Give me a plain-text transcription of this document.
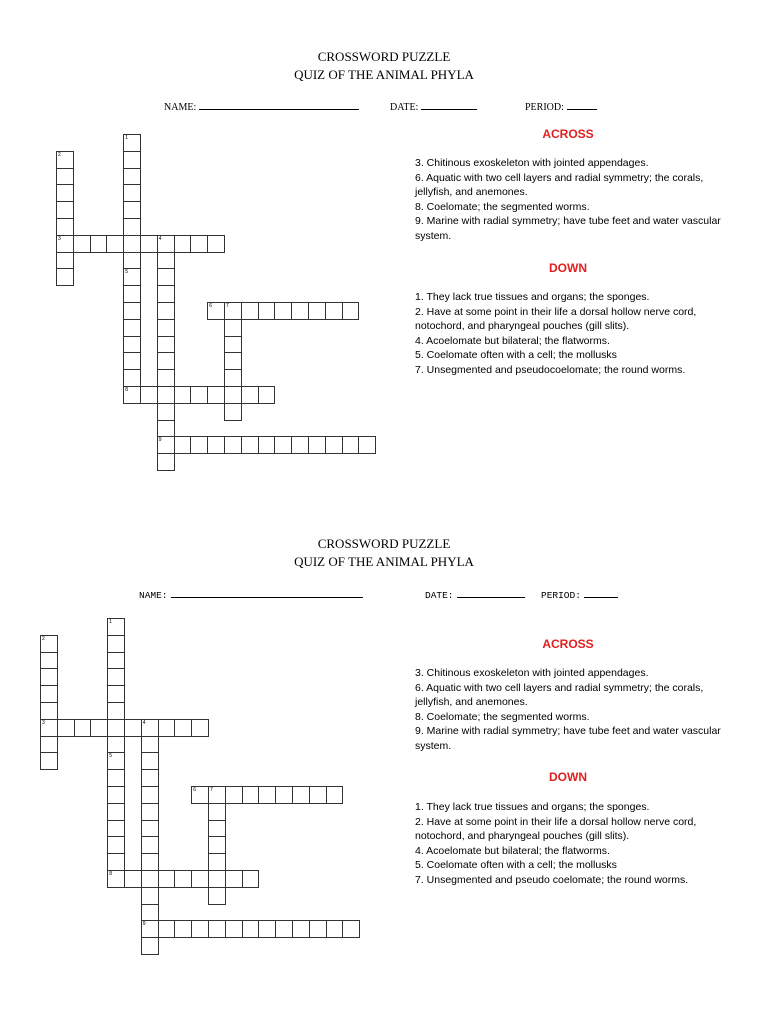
CROSSWORD PUZZLE
QUIZ OF THE ANIMAL PHYLA
NAME:	DATE:	PERIOD:
ACROSS

3. Chitinous exoskeleton with jointed appendages.

6. Aquatic with two cell layers and radial symmetry; the corals, jellyfish, and anemones.

8. Coelomate; the segmented worms.

9. Marine with radial symmetry; have tube feet and water vascular system.

DOWN

1. They lack true tissues and organs; the sponges.

2. Have at some point in their life a dorsal hollow nerve cord, notochord, and pharyngeal pouches (gill slits).

4. Acoelomate but bilateral; the flatworms.

5. Coelomate often with a cell; the mollusks

7. Unsegmented and pseudocoelomate; the round worms.

CROSSWORD PUZZLE
QUIZ OF THE ANIMAL PHYLA
NAME:	DATE:	PERIOD:
ACROSS

3. Chitinous exoskeleton with jointed appendages.

6. Aquatic with two cell layers and radial symmetry; the corals, jellyfish, and anemones.

8. Coelomate; the segmented worms.

9. Marine with radial symmetry; have tube feet and water vascular system.

DOWN

1. They lack true tissues and organs; the sponges.

2. Have at some point in their life a dorsal hollow nerve cord, notochord, and pharyngeal pouches (gill slits).

4. Acoelomate but bilateral; the flatworms.

5. Coelomate often with a cell; the mollusks

7. Unsegmented and pseudo coelomate; the round worms.

1
2
3	4
9
5
6	7
8
1
2
3	4
9
5
6	7
8
